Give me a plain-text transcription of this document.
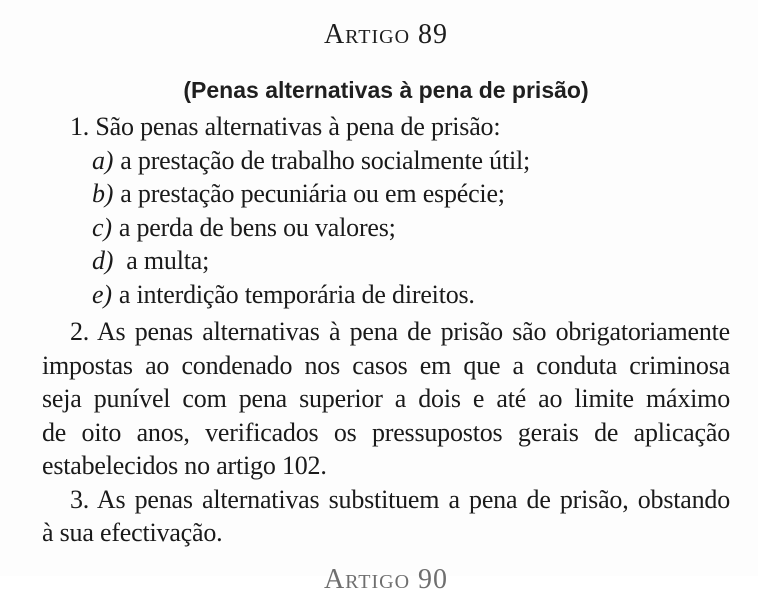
Artigo 89
(Penas alternativas à pena de prisão)
1. São penas alternativas à pena de prisão:
a) a prestação de trabalho socialmente útil;
b) a prestação pecuniária ou em espécie;
c) a perda de bens ou valores;
d) a multa;
e) a interdição temporária de direitos.
2. As penas alternativas à pena de prisão são obrigatoriamente
impostas ao condenado nos casos em que a conduta criminosa
seja punível com pena superior a dois e até ao limite máximo
de oito anos, verificados os pressupostos gerais de aplicação
estabelecidos no artigo 102.
3. As penas alternativas substituem a pena de prisão, obstando
à sua efectivação.
Artigo 90
